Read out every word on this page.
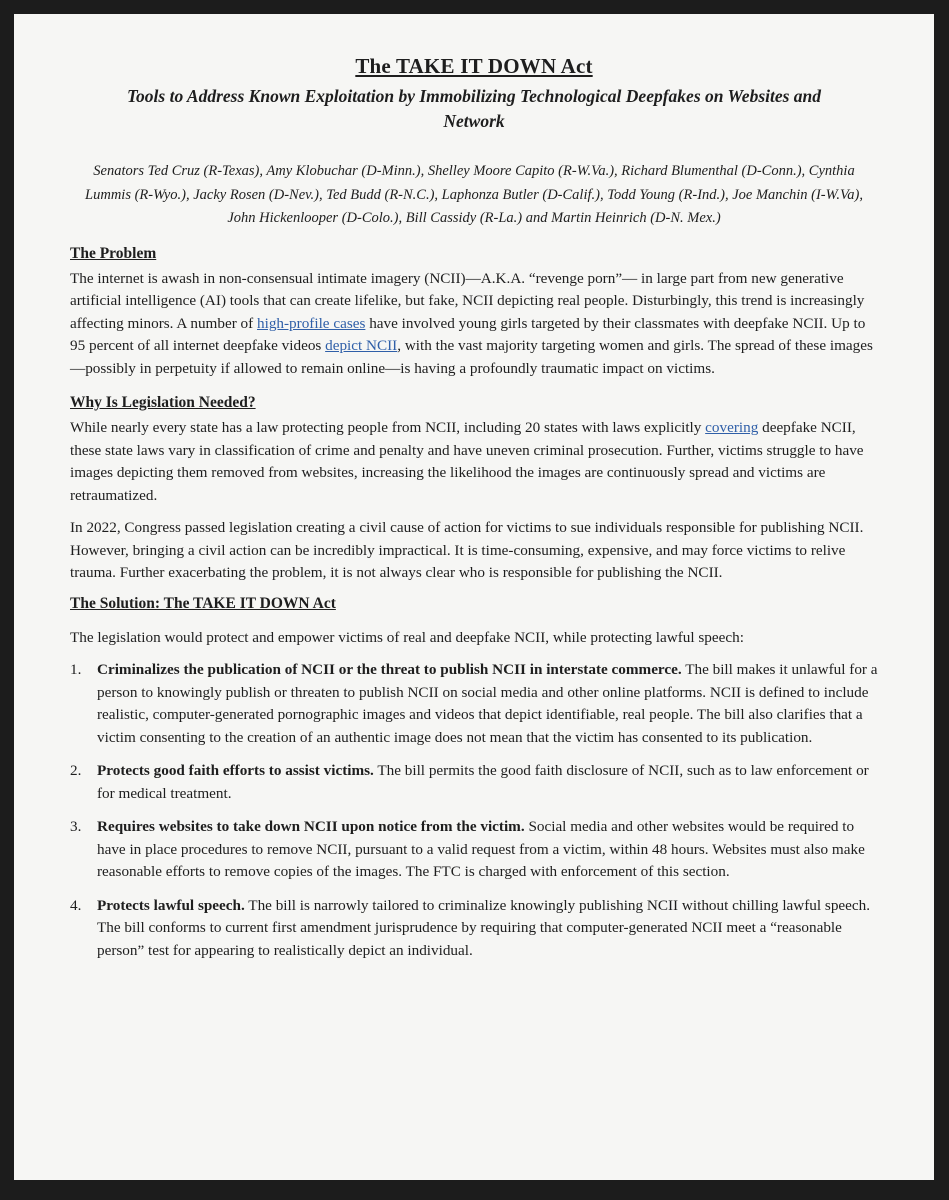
The TAKE IT DOWN Act
Tools to Address Known Exploitation by Immobilizing Technological Deepfakes on Websites and Network
Senators Ted Cruz (R-Texas), Amy Klobuchar (D-Minn.), Shelley Moore Capito (R-W.Va.), Richard Blumenthal (D-Conn.), Cynthia Lummis (R-Wyo.), Jacky Rosen (D-Nev.), Ted Budd (R-N.C.), Laphonza Butler (D-Calif.), Todd Young (R-Ind.), Joe Manchin (I-W.Va), John Hickenlooper (D-Colo.), Bill Cassidy (R-La.) and Martin Heinrich (D-N. Mex.)
The Problem

The internet is awash in non-consensual intimate imagery (NCII)—A.K.A. “revenge porn”— in large part from new generative artificial intelligence (AI) tools that can create lifelike, but fake, NCII depicting real people. Disturbingly, this trend is increasingly affecting minors. A number of high-profile cases have involved young girls targeted by their classmates with deepfake NCII. Up to 95 percent of all internet deepfake videos depict NCII, with the vast majority targeting women and girls. The spread of these images—possibly in perpetuity if allowed to remain online—is having a profoundly traumatic impact on victims.

Why Is Legislation Needed?

While nearly every state has a law protecting people from NCII, including 20 states with laws explicitly covering deepfake NCII, these state laws vary in classification of crime and penalty and have uneven criminal prosecution. Further, victims struggle to have images depicting them removed from websites, increasing the likelihood the images are continuously spread and victims are retraumatized.

In 2022, Congress passed legislation creating a civil cause of action for victims to sue individuals responsible for publishing NCII. However, bringing a civil action can be incredibly impractical. It is time-consuming, expensive, and may force victims to relive trauma. Further exacerbating the problem, it is not always clear who is responsible for publishing the NCII.

The Solution: The TAKE IT DOWN Act

The legislation would protect and empower victims of real and deepfake NCII, while protecting lawful speech:

1. Criminalizes the publication of NCII or the threat to publish NCII in interstate commerce. The bill makes it unlawful for a person to knowingly publish or threaten to publish NCII on social media and other online platforms. NCII is defined to include realistic, computer-generated pornographic images and videos that depict identifiable, real people. The bill also clarifies that a victim consenting to the creation of an authentic image does not mean that the victim has consented to its publication.
2. Protects good faith efforts to assist victims. The bill permits the good faith disclosure of NCII, such as to law enforcement or for medical treatment.
3. Requires websites to take down NCII upon notice from the victim. Social media and other websites would be required to have in place procedures to remove NCII, pursuant to a valid request from a victim, within 48 hours. Websites must also make reasonable efforts to remove copies of the images. The FTC is charged with enforcement of this section.
4. Protects lawful speech. The bill is narrowly tailored to criminalize knowingly publishing NCII without chilling lawful speech. The bill conforms to current first amendment jurisprudence by requiring that computer-generated NCII meet a “reasonable person” test for appearing to realistically depict an individual.
